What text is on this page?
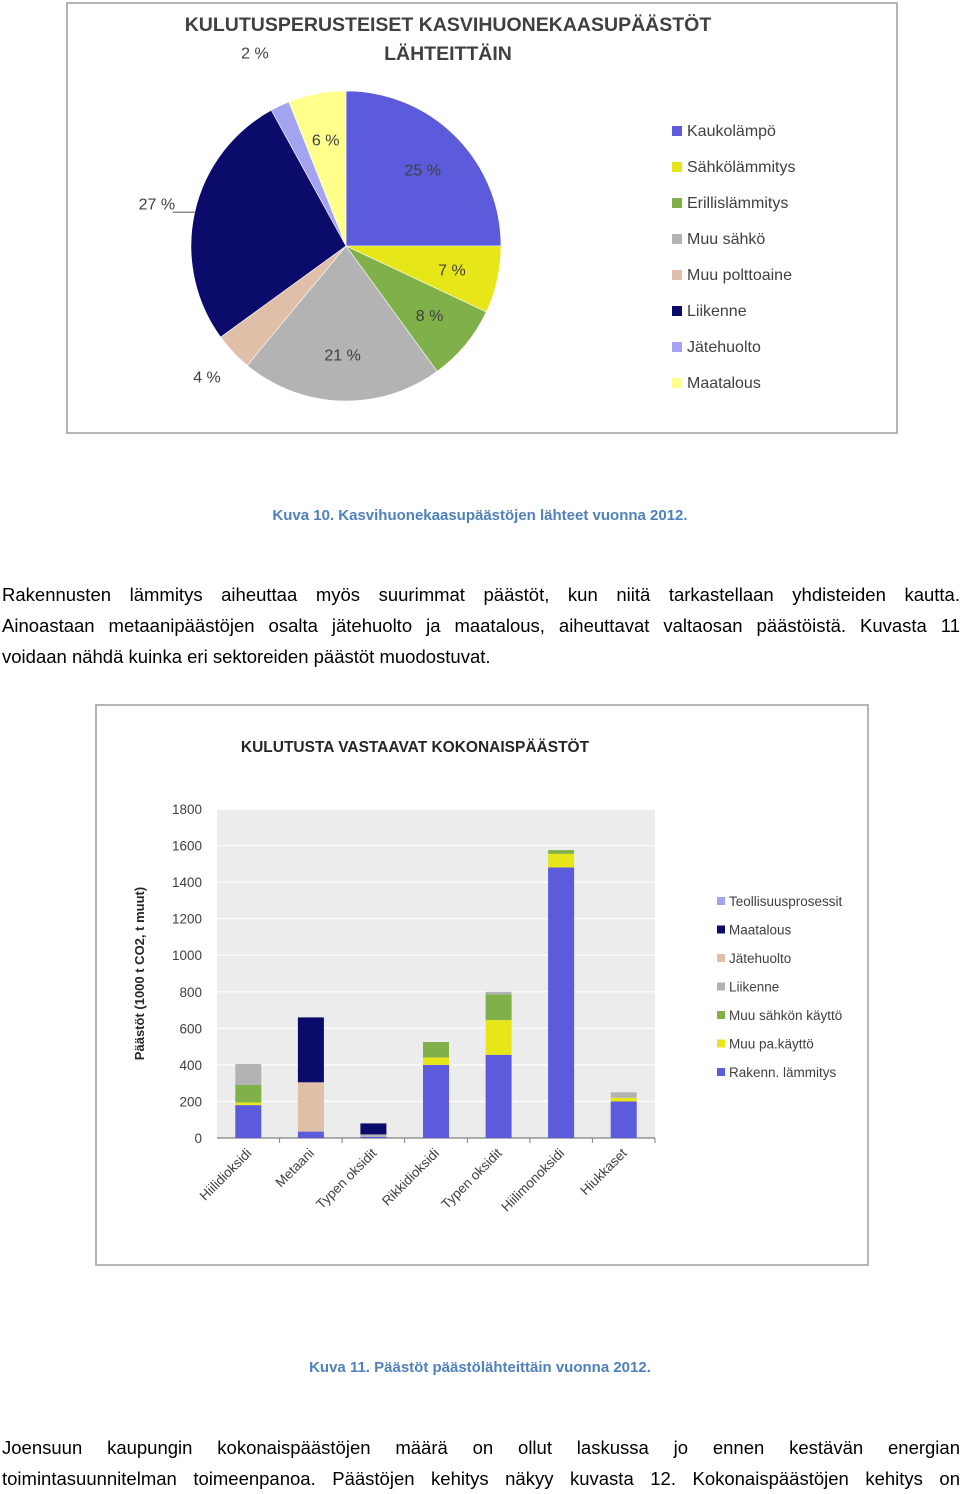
KULUTUSPERUSTEISET KASVIHUONEKAASUPÄÄSTÖT
LÄHTEITTÄIN
25 %
7 %
8 %
21 %
4 %
27 %
2 %
6 %
Kaukolämpö
Sähkölämmitys
Erillislämmitys
Muu sähkö
Muu polttoaine
Liikenne
Jätehuolto
Maatalous
Kuva 10. Kasvihuonekaasupäästöjen lähteet vuonna 2012.
Rakennusten lämmitys aiheuttaa myös suurimmat päästöt, kun niitä tarkastellaan yhdisteiden kautta.
Ainoastaan metaanipäästöjen osalta jätehuolto ja maatalous, aiheuttavat valtaosan päästöistä. Kuvasta 11
voidaan nähdä kuinka eri sektoreiden päästöt muodostuvat.
KULUTUSTA VASTAAVAT KOKONAISPÄÄSTÖT
0
200
400
600
800
1000
1200
1400
1600
1800
Päästöt (1000 t CO2, t muut)
Hiilidioksidi Metaani
Typen oksidit Rikkidioksidi
Typen oksidit
Hiilimonoksidi Hiukkaset
Teollisuusprosessit
Maatalous
Jätehuolto
Liikenne
Muu sähkön käyttö
Muu pa.käyttö
Rakenn. lämmitys
Kuva 11. Päästöt päästölähteittäin vuonna 2012.
Joensuun kaupungin kokonaispäästöjen määrä on ollut laskussa jo ennen kestävän energian
toimintasuunnitelman toimeenpanoa. Päästöjen kehitys näkyy kuvasta 12. Kokonaispäästöjen kehitys on
